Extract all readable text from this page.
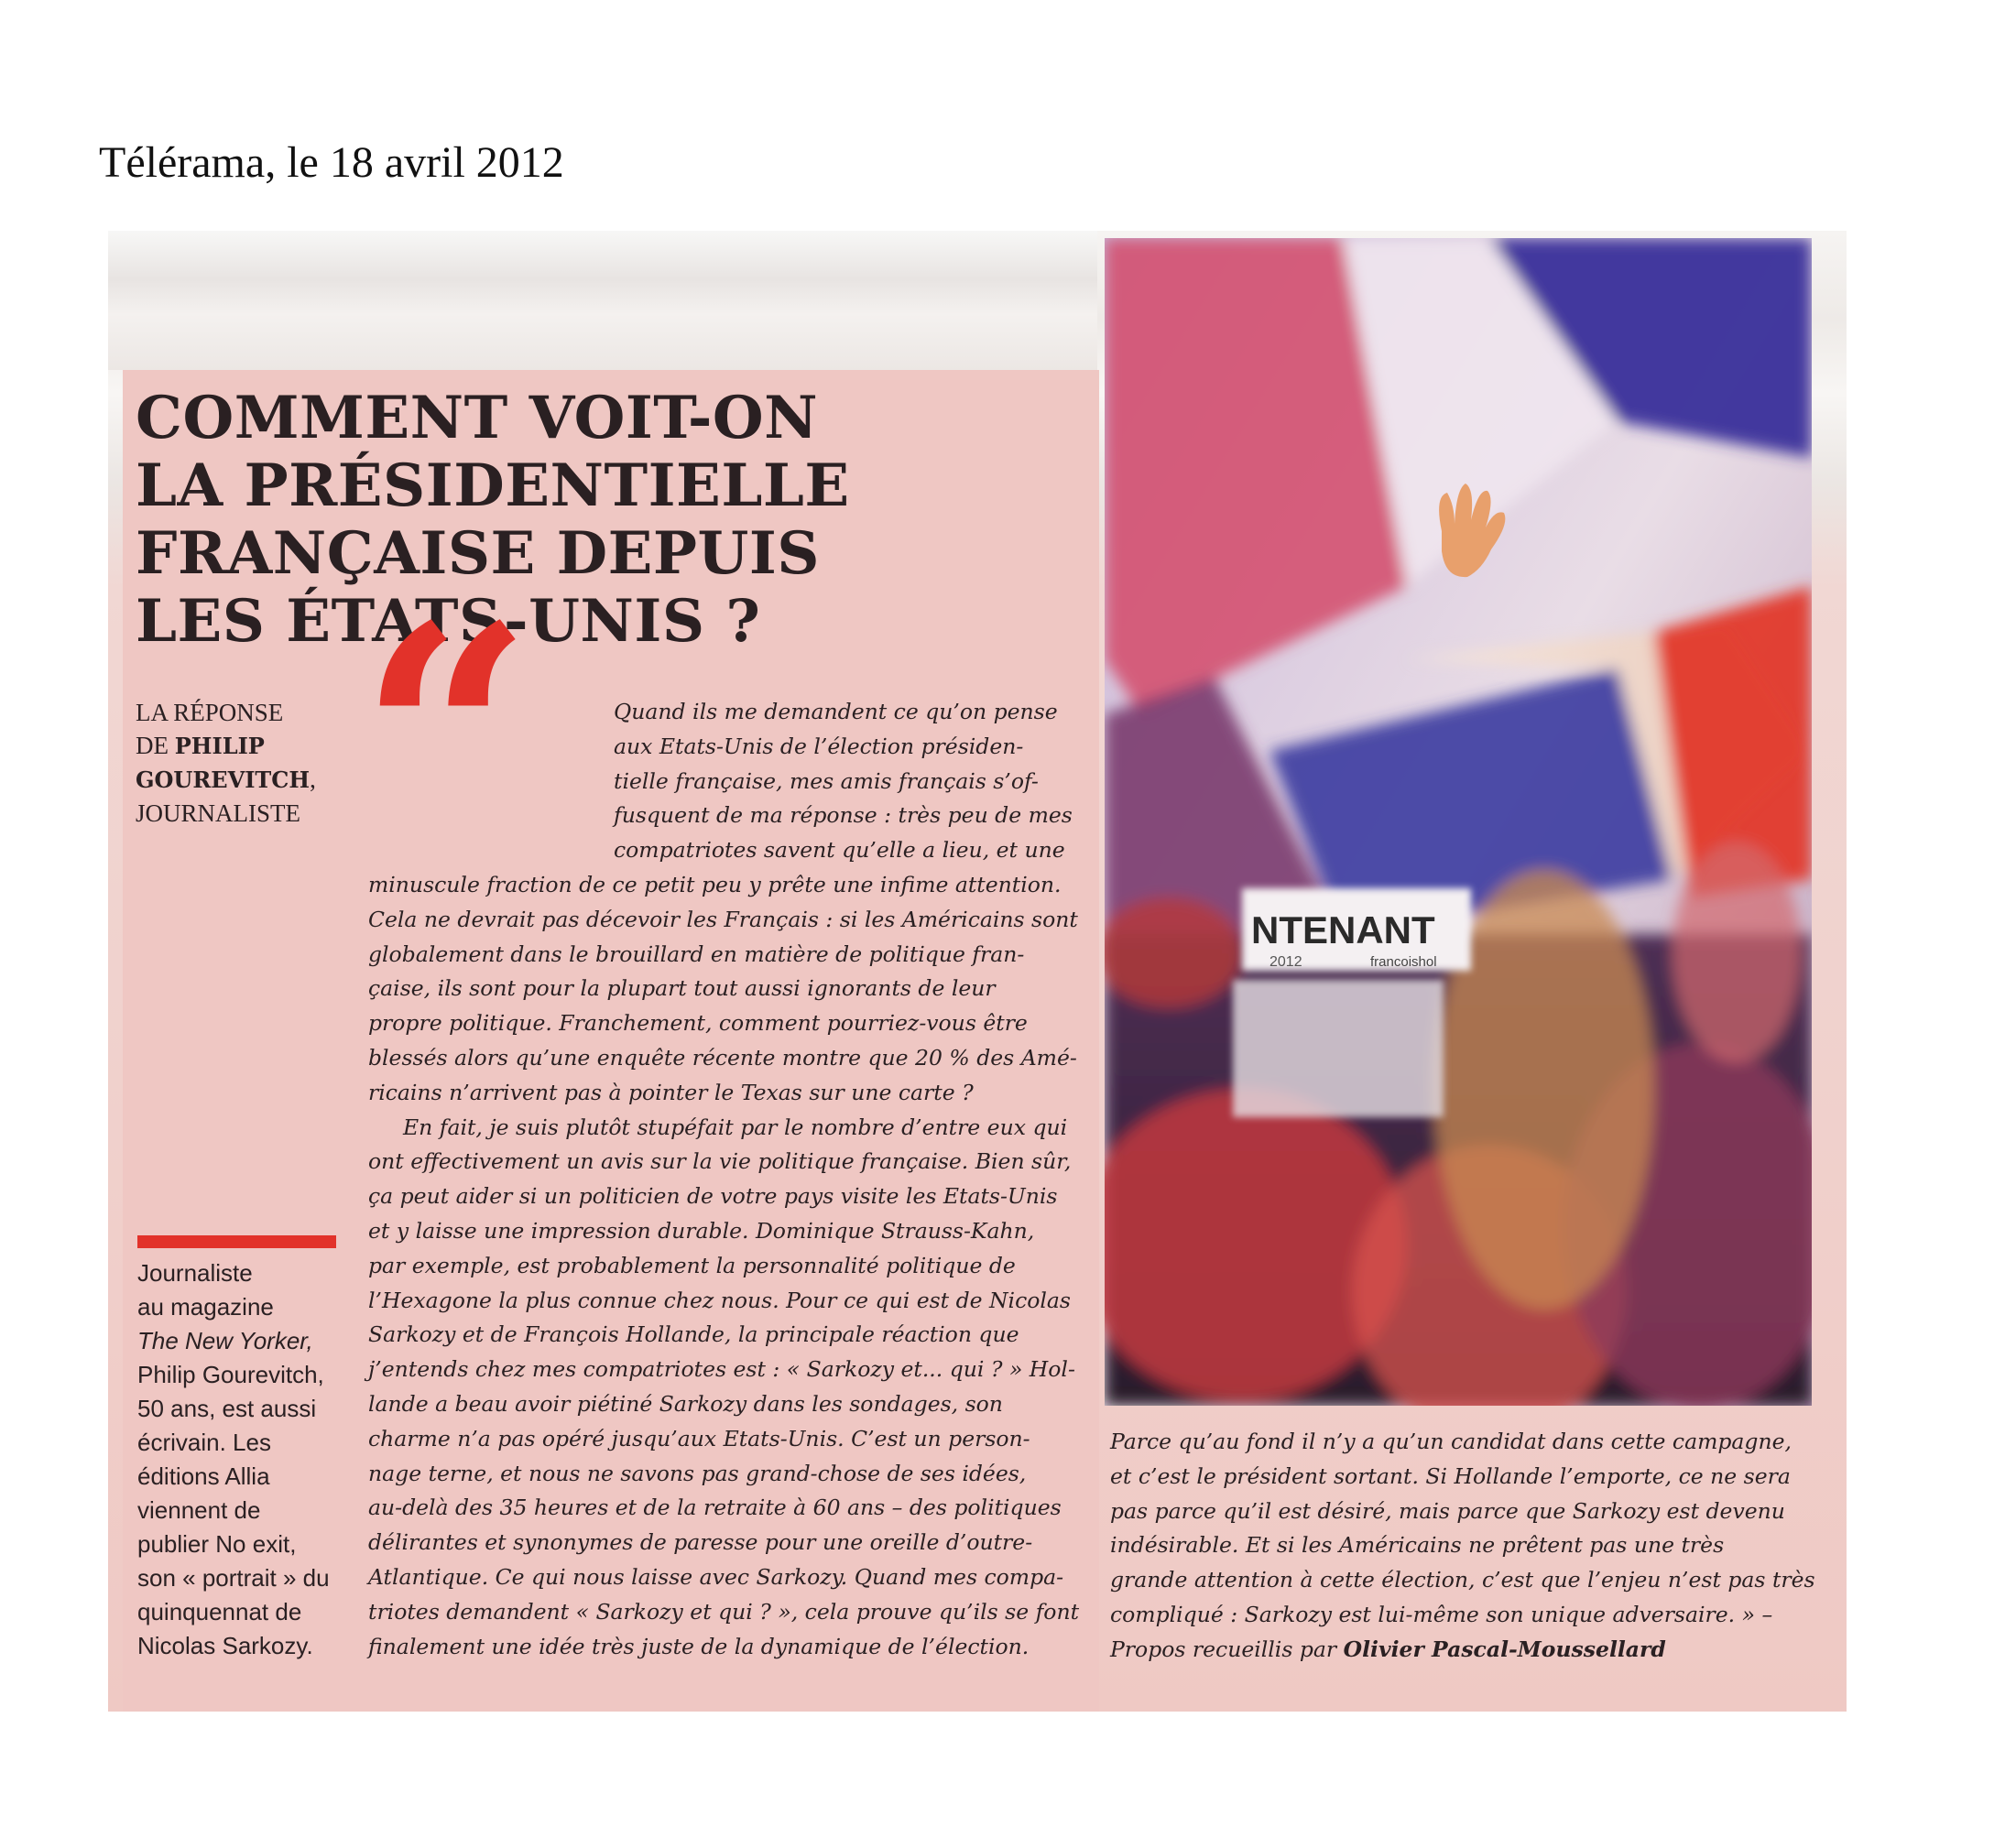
Télérama, le 18 avril 2012
COMMENT VOIT-ON
LA PRÉSIDENTIELLE
FRANÇAISE DEPUIS
LES ÉTATS-UNIS ?
LA RÉPONSE
DE PHILIP
GOUREVITCH,
JOURNALISTE “	Quand ils me demandent ce qu’on pense
aux Etats-Unis de l’élection présiden-
tielle française, mes amis français s’of-
fusquent de ma réponse : très peu de mes
compatriotes savent qu’elle a lieu, et une
minuscule fraction de ce petit peu y prête une infime attention.
Cela ne devrait pas décevoir les Français : si les Américains sont
globalement dans le brouillard en matière de politique fran-
çaise, ils sont pour la plupart tout aussi ignorants de leur
propre politique. Franchement, comment pourriez-vous être
blessés alors qu’une enquête récente montre que 20 % des Amé-
ricains n’arrivent pas à pointer le Texas sur une carte ?
En fait, je suis plutôt stupéfait par le nombre d’entre eux qui
ont effectivement un avis sur la vie politique française. Bien sûr,
ça peut aider si un politicien de votre pays visite les Etats-Unis
et y laisse une impression durable. Dominique Strauss-Kahn,
par exemple, est probablement la personnalité politique de
l’Hexagone la plus connue chez nous. Pour ce qui est de Nicolas
Sarkozy et de François Hollande, la principale réaction que
j’entends chez mes compatriotes est : « Sarkozy et... qui ? » Hol-
lande a beau avoir piétiné Sarkozy dans les sondages, son
charme n’a pas opéré jusqu’aux Etats-Unis. C’est un person-
nage terne, et nous ne savons pas grand-chose de ses idées,
au-delà des 35 heures et de la retraite à 60 ans – des politiques
délirantes et synonymes de paresse pour une oreille d’outre-
Atlantique. Ce qui nous laisse avec Sarkozy. Quand mes compa-
triotes demandent « Sarkozy et qui ? », cela prouve qu’ils se font
finalement une idée très juste de la dynamique de l’élection.
Journaliste
au magazine
The New Yorker,
Philip Gourevitch,
50 ans, est aussi
écrivain. Les
éditions Allia
viennent de
publier No exit,
son « portrait » du
quinquennat de
Nicolas Sarkozy.
NTENANT
2012	francoishol
Parce qu’au fond il n’y a qu’un candidat dans cette campagne,
et c’est le président sortant. Si Hollande l’emporte, ce ne sera
pas parce qu’il est désiré, mais parce que Sarkozy est devenu
indésirable. Et si les Américains ne prêtent pas une très
grande attention à cette élection, c’est que l’enjeu n’est pas très
compliqué : Sarkozy est lui-même son unique adversaire. » –
Propos recueillis par Olivier Pascal-Moussellard
